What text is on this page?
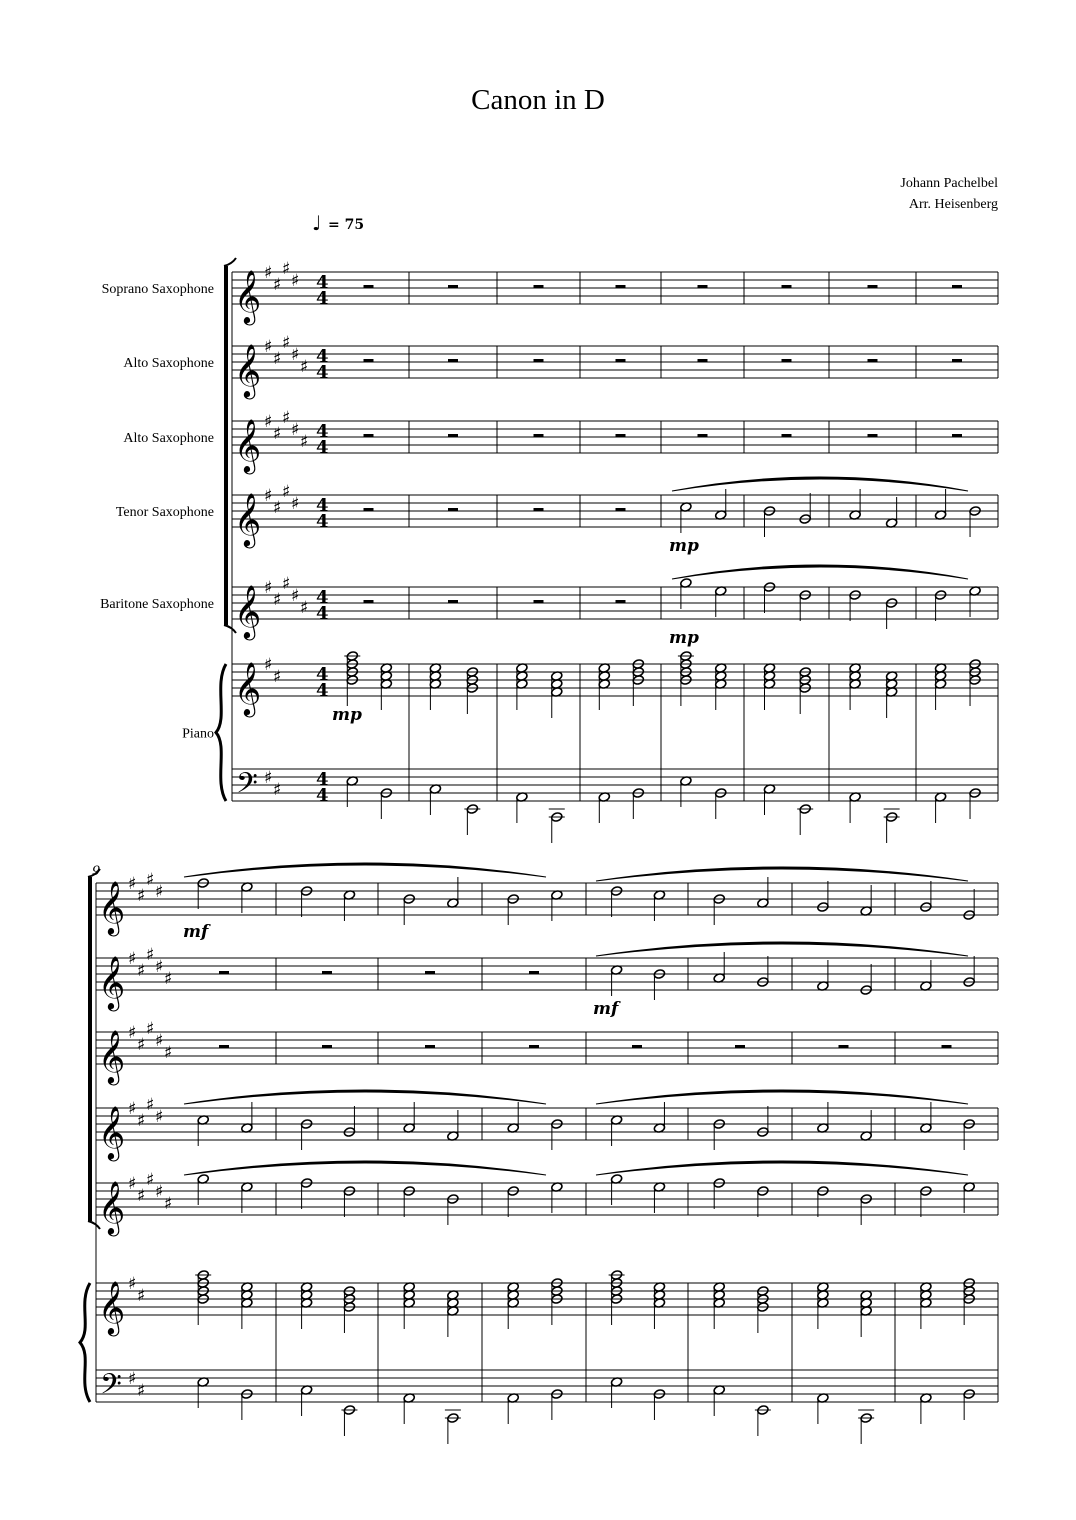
Canon in D
Johann Pachelbel
Arr. Heisenberg
♩ = 75
𝄞 ♯
♯
♯
♯ 4
4
𝄞 ♯
♯
♯
♯
♯ 4
4
𝄞 ♯
♯
♯
♯
♯ 4
4
𝄞 ♯
♯
♯
♯ 4
4
𝄞 ♯
♯
♯
♯
♯ 4
4
𝄞 ♯
♯ 4
4
𝄢 ♯
♯ 4
4
9
𝄞 ♯
♯
♯
♯
𝄞 ♯
♯
♯
♯
♯
𝄞 ♯
♯
♯
♯
♯
𝄞 ♯
♯
♯
♯
𝄞 ♯
♯
♯
♯
♯
𝄞 ♯
♯
𝄢 ♯
♯
Soprano Saxophone
Alto Saxophone
Alto Saxophone
Tenor Saxophone
Baritone Saxophone
Piano
mp
mp
mp
mf
mf
